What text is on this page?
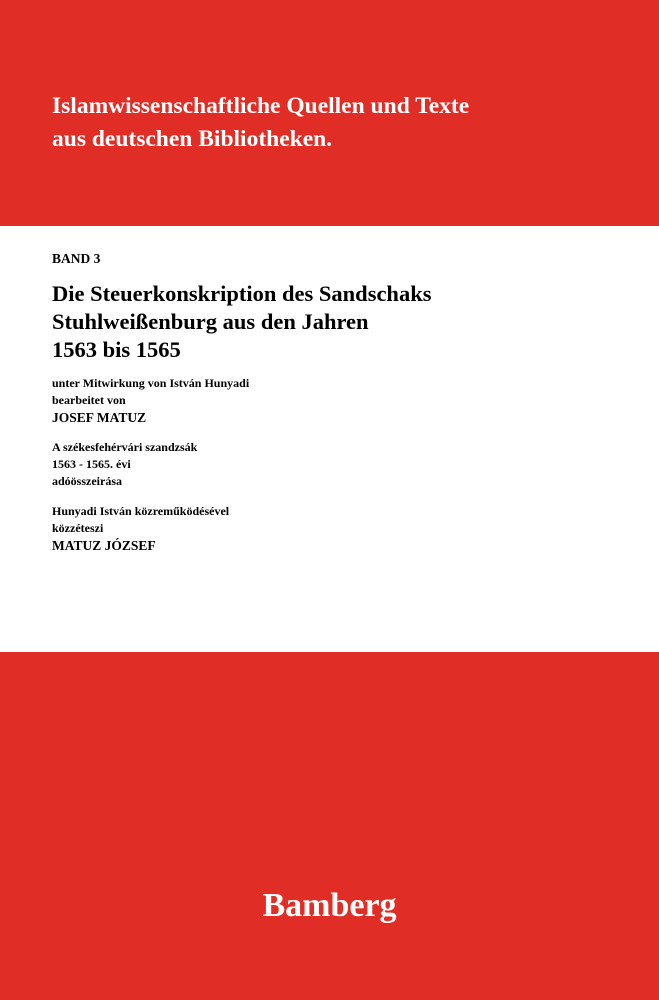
Islamwissenschaftliche Quellen und Texte
aus deutschen Bibliotheken.
BAND 3
Die Steuerkonskription des Sandschaks
Stuhlweißenburg aus den Jahren
1563 bis 1565
unter Mitwirkung von István Hunyadi
bearbeitet von
JOSEF MATUZ
A székesfehérvári szandzsák
1563 - 1565. évi
adóösszeirása
Hunyadi István közreműködésével
közzéteszi
MATUZ JÓZSEF
Bamberg
